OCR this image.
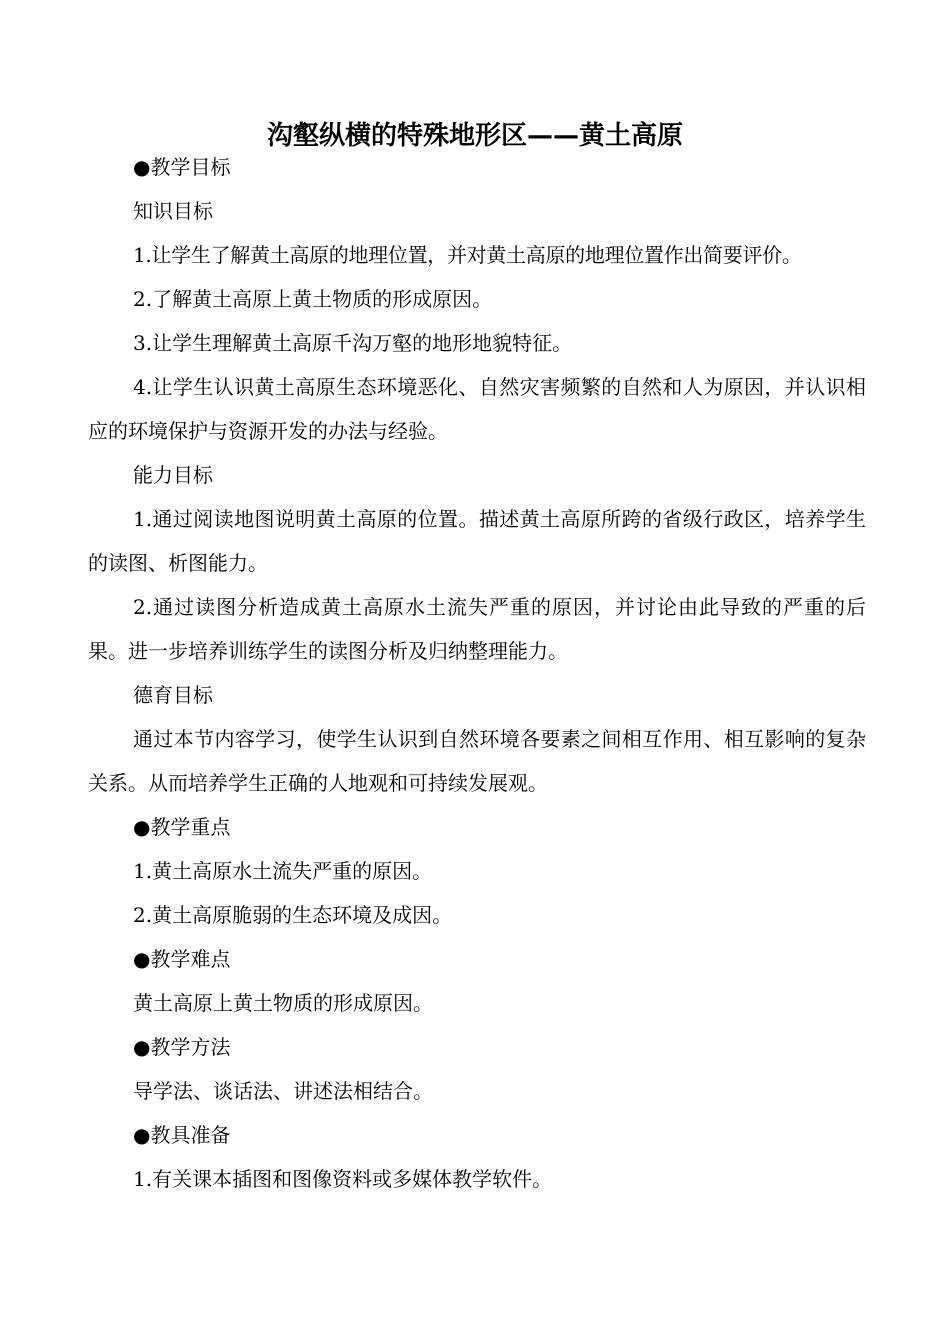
沟壑纵横的特殊地形区——黄土高原

● 教学目标

知识目标

1.让学生了解黄土高原的地理位置，并对黄土高原的地理位置作出简要评价。

2.了解黄土高原上黄土物质的形成原因。

3.让学生理解黄土高原千沟万壑的地形地貌特征。

4.让学生认识黄土高原生态环境恶化、自然灾害频繁的自然和人为原因，并认识相应的环境保护与资源开发的办法与经验。

能力目标

1.通过阅读地图说明黄土高原的位置。描述黄土高原所跨的省级行政区，培养学生的读图、析图能力。

2.通过读图分析造成黄土高原水土流失严重的原因，并讨论由此导致的严重的后果。进一步培养训练学生的读图分析及归纳整理能力。

德育目标

通过本节内容学习，使学生认识到自然环境各要素之间相互作用、相互影响的复杂关系。从而培养学生正确的人地观和可持续发展观。

● 教学重点

1.黄土高原水土流失严重的原因。

2.黄土高原脆弱的生态环境及成因。

● 教学难点

黄土高原上黄土物质的形成原因。

● 教学方法

导学法、谈话法、讲述法相结合。

● 教具准备

1.有关课本插图和图像资料或多媒体教学软件。
